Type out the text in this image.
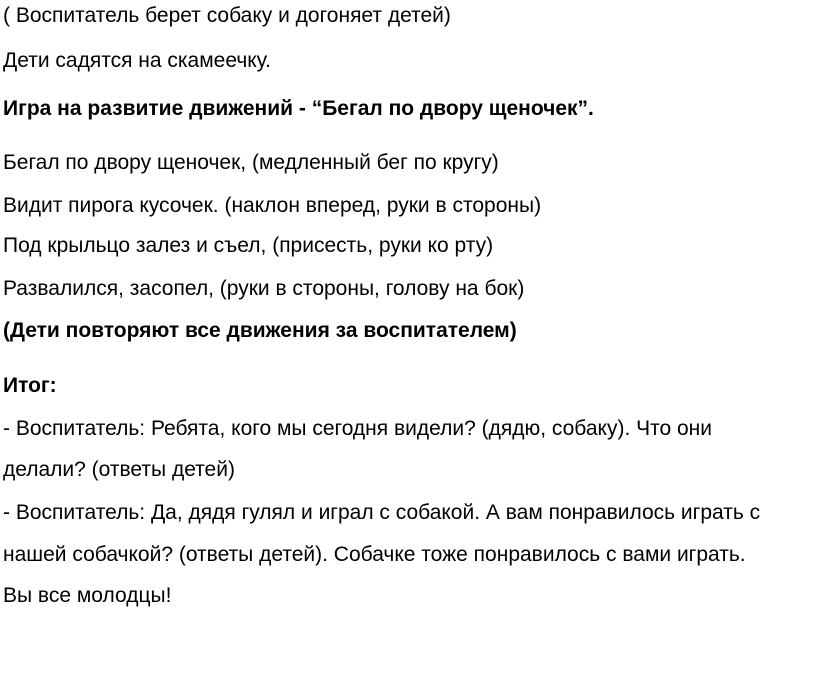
( Воспитатель берет собаку и догоняет детей)
Дети садятся на скамеечку.
Игра на развитие движений - “Бегал по двору щеночек”.
Бегал по двору щеночек, (медленный бег по кругу)
Видит пирога кусочек. (наклон вперед, руки в стороны)
Под крыльцо залез и съел, (присесть, руки ко рту)
Развалился, засопел, (руки в стороны, голову на бок)
(Дети повторяют все движения за воспитателем)
Итог:
- Воспитатель: Ребята, кого мы сегодня видели? (дядю, собаку). Что они
делали? (ответы детей)
- Воспитатель: Да, дядя гулял и играл с собакой. А вам понравилось играть с
нашей собачкой? (ответы детей). Собачке тоже понравилось с вами играть.
Вы все молодцы!
